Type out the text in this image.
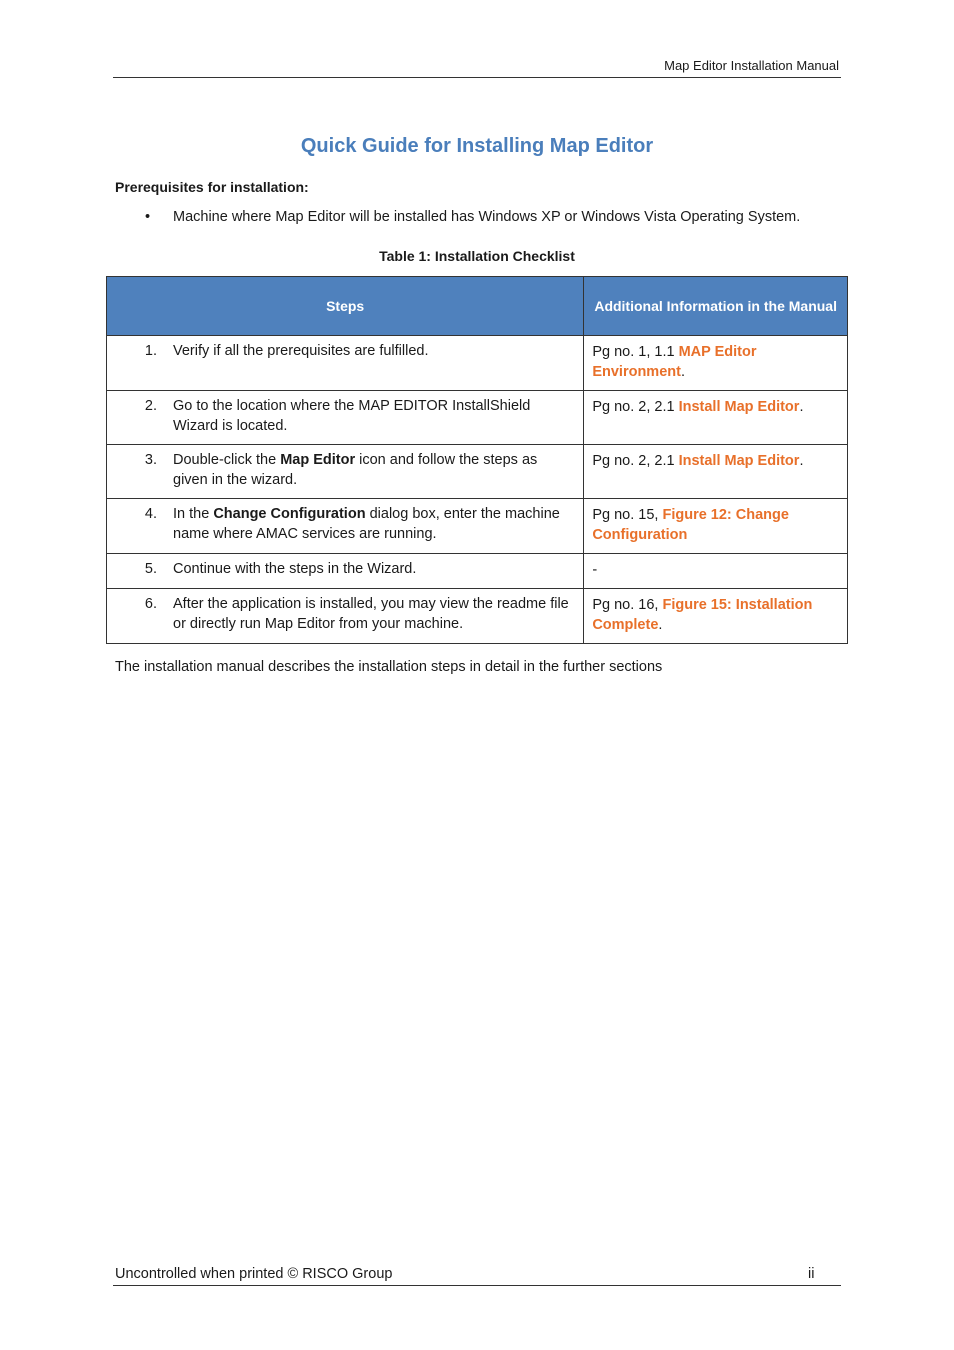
Map Editor Installation Manual
Quick Guide for Installing Map Editor
Prerequisites for installation:
• Machine where Map Editor will be installed has Windows XP or Windows Vista Operating System.
Table 1: Installation Checklist
Steps	Additional Information in the Manual

1. Verify if all the prerequisites are fulfilled.	Pg no. 1, 1.1 MAP Editor Environment.

2. Go to the location where the MAP EDITOR InstallShield Wizard is located.	Pg no. 2, 2.1 Install Map Editor.

3. Double-click the Map Editor icon and follow the steps as given in the wizard.	Pg no. 2, 2.1 Install Map Editor.

4. In the Change Configuration dialog box, enter the machine name where AMAC services are running.	Pg no. 15, Figure 12: Change Configuration

5. Continue with the steps in the Wizard.	-

6. After the application is installed, you may view the readme file or directly run Map Editor from your machine.	Pg no. 16, Figure 15: Installation Complete.
The installation manual describes the installation steps in detail in the further sections
Uncontrolled when printed © RISCO Group	ii
